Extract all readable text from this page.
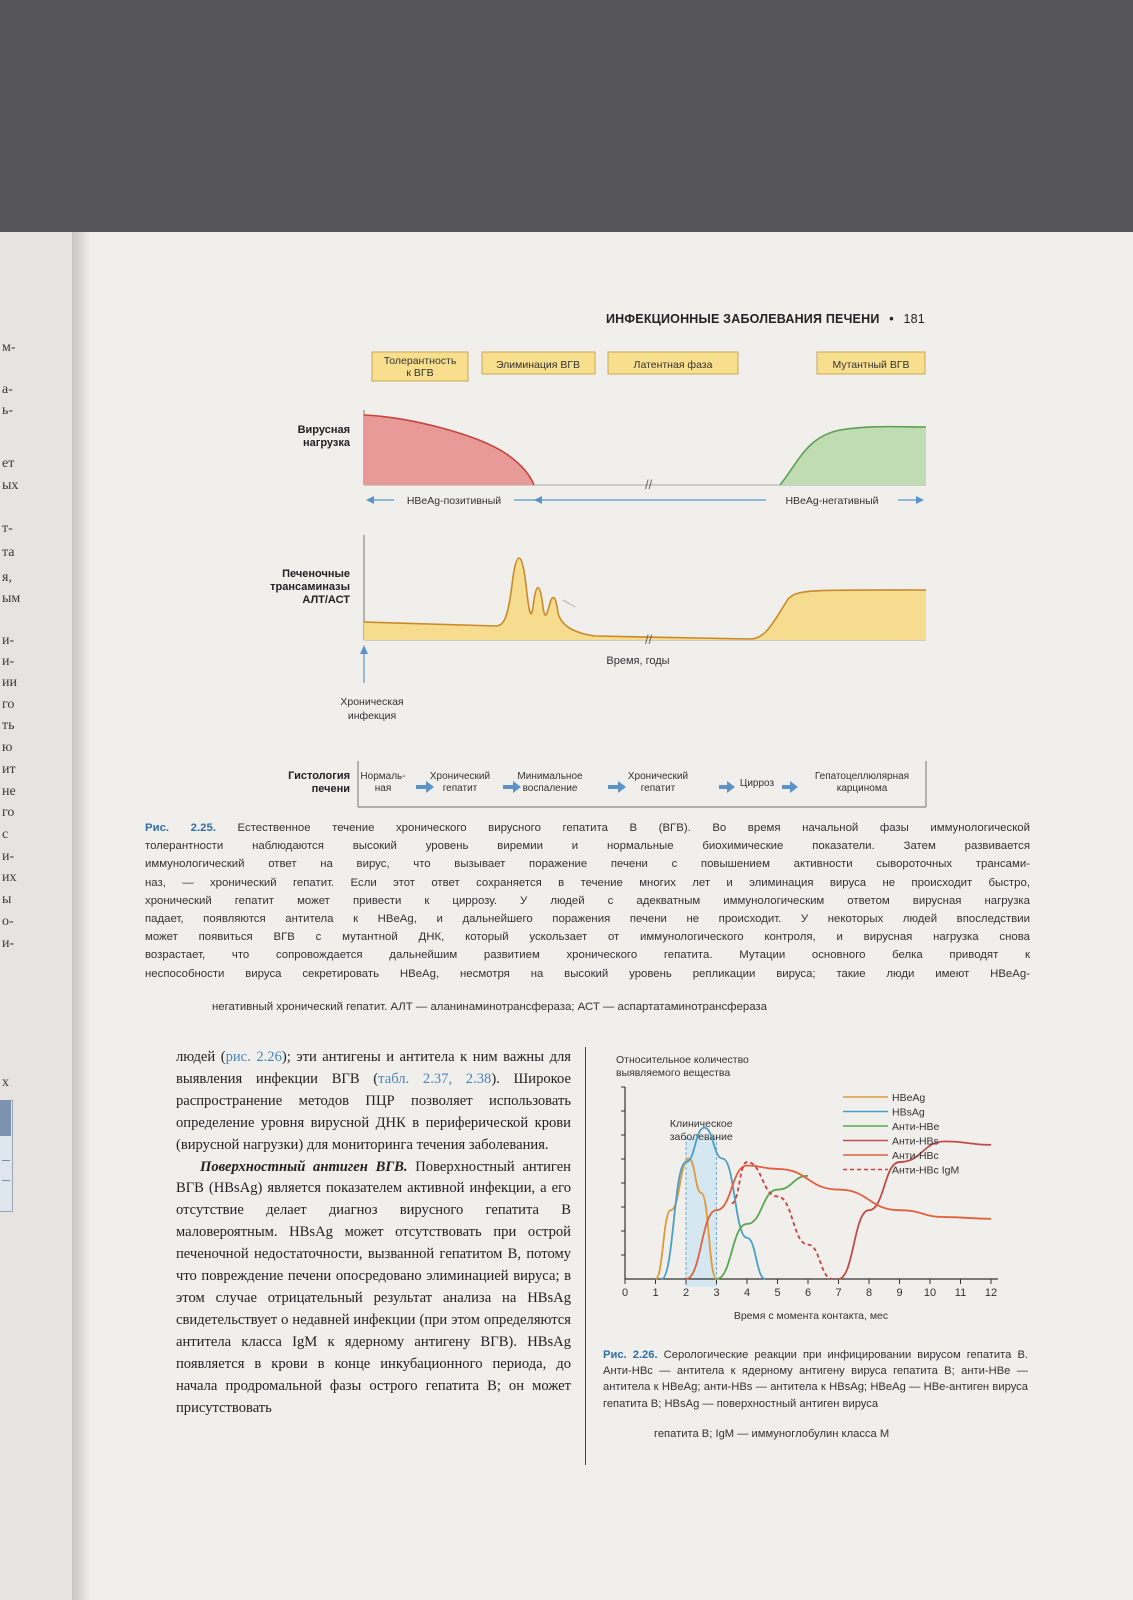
м-
а-
ь-
ет
ых
т-
та
я,
ым
и-
и-
ии
го
ть
ю
ит
не
го
с
и-
их
ы
о-
и-
х
ИНФЕКЦИОННЫЕ ЗАБОЛЕВАНИЯ ПЕЧЕНИ • 181
Толерантность
к ВГВ
Элиминация ВГВ	Латентная фаза	Мутантный ВГВ
Вирусная
нагрузка
//
HBeAg-позитивный	HBeAg-негативный
Печеночные
трансаминазы
АЛТ/АСТ
//
Время, годы
Хроническая
инфекция
Гистология
печени
Нормаль-
ная
Хронический
гепатит
Минимальное
воспаление
Хронический
гепатит	Цирроз
Гепатоцеллюлярная
карцинома
Рис. 2.25. Естественное течение хронического вирусного гепатита В (ВГВ). Во время начальной фазы иммунологической
толерантности наблюдаются высокий уровень виремии и нормальные биохимические показатели. Затем развивается
иммунологический ответ на вирус, что вызывает поражение печени с повышением активности сывороточных трансами-
наз, — хронический гепатит. Если этот ответ сохраняется в течение многих лет и элиминация вируса не происходит быстро,
хронический гепатит может привести к циррозу. У людей с адекватным иммунологическим ответом вирусная нагрузка
падает, появляются антитела к HBeAg, и дальнейшего поражения печени не происходит. У некоторых людей впоследствии
может появиться ВГВ с мутантной ДНК, который ускользает от иммунологического контроля, и вирусная нагрузка снова
возрастает, что сопровождается дальнейшим развитием хронического гепатита. Мутации основного белка приводят к
неспособности вируса секретировать HBeAg, несмотря на высокий уровень репликации вируса; такие люди имеют HBeAg-
негативный хронический гепатит. АЛТ — аланинаминотрансфераза; АСТ — аспартатаминотрансфераза
людей (рис. 2.26); эти антигены и антитела к ним важны для выявления инфекции ВГВ (табл. 2.37, 2.38). Широкое распространение методов ПЦР позволяет использовать определение уровня вирусной ДНК в периферической крови (вирусной нагрузки) для мониторинга течения заболевания.
Поверхностный антиген ВГВ. Поверхностный антиген ВГВ (HBsAg) является показателем активной инфекции, а его отсутствие делает диагноз вирусного гепатита В маловероятным. HBsAg может отсутствовать при острой печеночной недостаточности, вызванной гепатитом В, потому что повреждение печени опосредовано элиминацией вируса; в этом случае отрицательный результат анализа на HBsAg свидетельствует о недавней инфекции (при этом определяются антитела класса IgM к ядерному антигену ВГВ). HBsAg появляется в крови в конце инкубационного периода, до начала продромальной фазы острого гепатита В; он может присутствовать
Относительное количество
выявляемого вещества
Клиническое
заболевание
0 1 2 3 4 5 6 7 8 9 10 11 12
HBeAg
HBsAg
Анти-HBe
Анти-HBs
Анти-HBc
Анти-HBc IgM
Время с момента контакта, мес
Рис. 2.26. Серологические реакции при инфицировании вирусом гепатита В. Анти-HBc — антитела к ядерному антигену вируса гепатита В; анти-HBe — антитела к HBeAg; анти-HBs — антитела к HBsAg; HBeAg — HBe-антиген вируса гепатита В; HBsAg — поверхностный антиген вируса
гепатита В; IgM — иммуноглобулин класса М
